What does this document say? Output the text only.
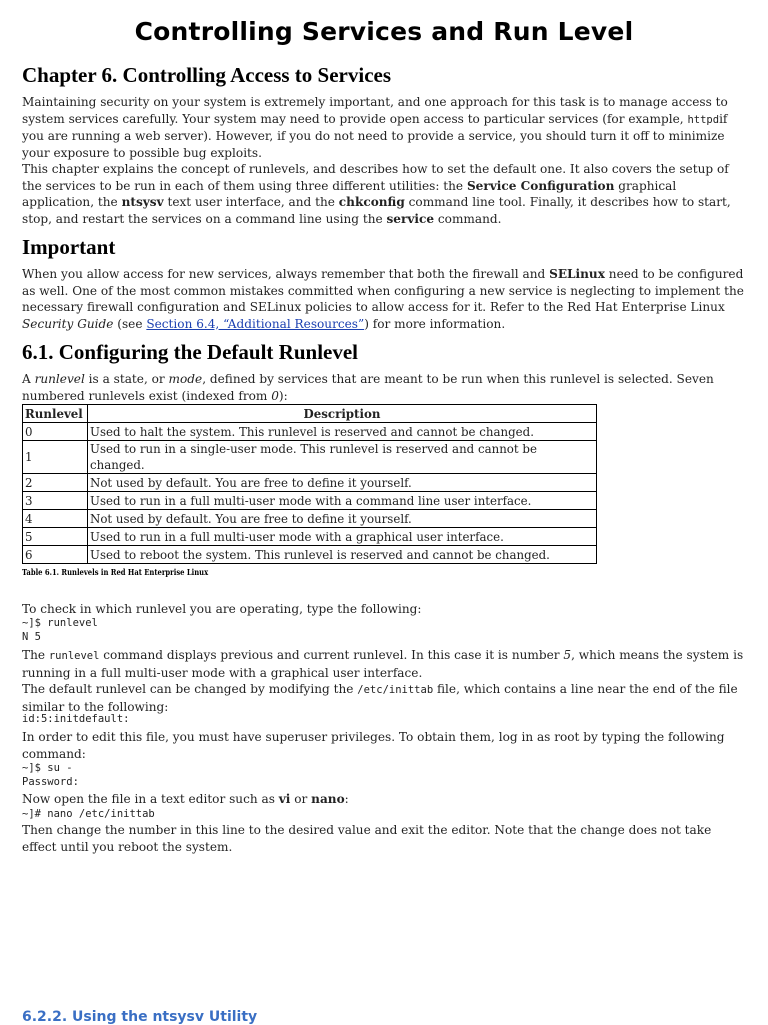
Controlling Services and Run Level
Chapter 6. Controlling Access to Services

Maintaining security on your system is extremely important, and one approach for this task is to manage access to system services carefully. Your system may need to provide open access to particular services (for example, httpdif you are running a web server). However, if you do not need to provide a service, you should turn it off to minimize your exposure to possible bug exploits.

This chapter explains the concept of runlevels, and describes how to set the default one. It also covers the setup of the services to be run in each of them using three different utilities: the Service Configuration graphical application, the ntsysv text user interface, and the chkconfig command line tool. Finally, it describes how to start, stop, and restart the services on a command line using the service command.

Important

When you allow access for new services, always remember that both the firewall and SELinux need to be configured as well. One of the most common mistakes committed when configuring a new service is neglecting to implement the necessary firewall configuration and SELinux policies to allow access for it. Refer to the Red Hat Enterprise Linux Security Guide (see Section 6.4, “Additional Resources”) for more information.

6.1. Configuring the Default Runlevel

A runlevel is a state, or mode, defined by services that are meant to be run when this runlevel is selected. Seven numbered runlevels exist (indexed from 0):

Runlevel	Description
0	Used to halt the system. This runlevel is reserved and cannot be changed.
1	Used to run in a single-user mode. This runlevel is reserved and cannot be changed.
2	Not used by default. You are free to define it yourself.
3	Used to run in a full multi-user mode with a command line user interface.
4	Not used by default. You are free to define it yourself.
5	Used to run in a full multi-user mode with a graphical user interface.
6	Used to reboot the system. This runlevel is reserved and cannot be changed.
Table 6.1. Runlevels in Red Hat Enterprise Linux
To check in which runlevel you are operating, type the following:
~]$ runlevel
N 5

The runlevel command displays previous and current runlevel. In this case it is number 5, which means the system is running in a full multi-user mode with a graphical user interface.

The default runlevel can be changed by modifying the /etc/inittab file, which contains a line near the end of the file similar to the following:

id:5:initdefault:
In order to edit this file, you must have superuser privileges. To obtain them, log in as root by typing the following command:
~]$ su -
Password:

Now open the file in a text editor such as vi or nano:

~]# nano /etc/inittab
Then change the number in this line to the desired value and exit the editor. Note that the change does not take effect until you reboot the system.
6.2.2. Using the ntsysv Utility
